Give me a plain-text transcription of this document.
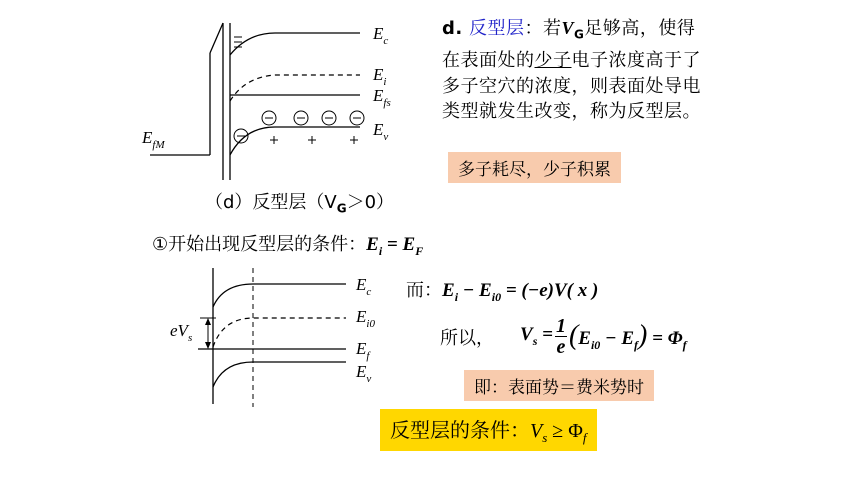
$E_c$
$E_i$
$E_{fs}$
$E_v$
$E_{fM}$
（d）反型层$(V_G>0)$
d. 反型层：若$V_G$足够高，使得在表面处的少子电子浓度高于了多子空穴的浓度，则表面处导电类型就发生改变，称为反型层。
多子耗尽，少子积累
①开始出现反型层的条件：$E_i = E_F$
$E_c$
$E_{i0}$
$E_f$
$E_v$
$eV_s$
而：$E_i - E_{i0} = (-e)V$( x )
所以， $V_s = 1$
e $(E_{i0} - E_f) = \Phi_f$
即：表面势＝费米势时
反型层的条件：$V_s \ge \Phi_f$
